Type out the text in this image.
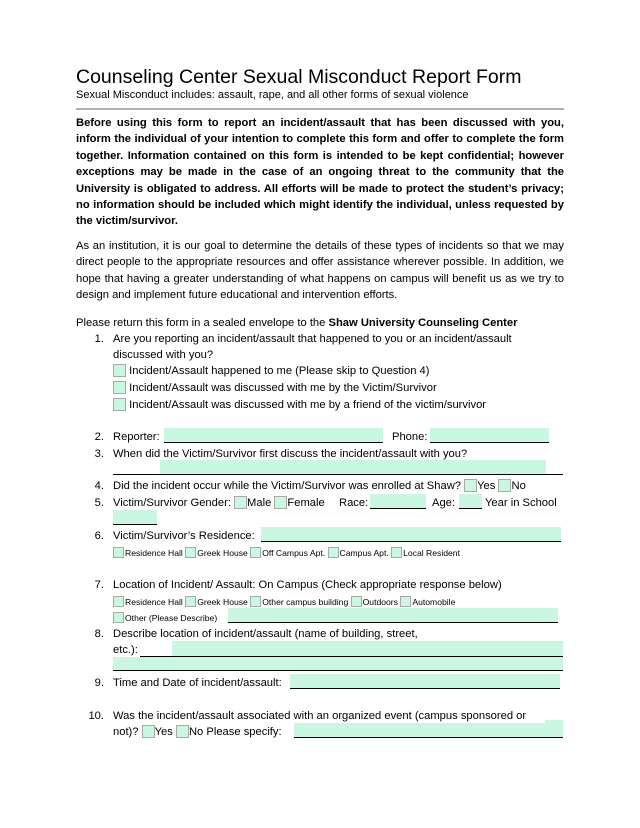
Counseling Center Sexual Misconduct Report Form
Sexual Misconduct includes: assault, rape, and all other forms of sexual violence
Before using this form to report an incident/assault that has been discussed with you, inform the individual of your intention to complete this form and offer to complete the form together. Information contained on this form is intended to be kept confidential; however exceptions may be made in the case of an ongoing threat to the community that the University is obligated to address. All efforts will be made to protect the student’s privacy; no information should be included which might identify the individual, unless requested by the victim/survivor.
As an institution, it is our goal to determine the details of these types of incidents so that we may direct people to the appropriate resources and offer assistance wherever possible. In addition, we hope that having a greater understanding of what happens on campus will benefit us as we try to design and implement future educational and intervention efforts.
Please return this form in a sealed envelope to the Shaw University Counseling Center
1. Are you reporting an incident/assault that happened to you or an incident/assault
discussed with you?
Incident/Assault happened to me (Please skip to Question 4)
Incident/Assault was discussed with me by the Victim/Survivor
Incident/Assault was discussed with me by a friend of the victim/survivor
2. Reporter:	Phone:
3. When did the Victim/Survivor first discuss the incident/assault with you?
4. Did the incident occur while the Victim/Survivor was enrolled at Shaw? Yes No
5. Victim/Survivor Gender: Male Female Race:	Age:	Year in School
6. Victim/Survivor’s Residence:
Residence Hall Greek House Off Campus Apt. Campus Apt. Local Resident
7. Location of Incident/ Assault: On Campus (Check appropriate response below)
Residence Hall Greek House Other campus building Outdoors Automobile
Other (Please Describe)
8. Describe location of incident/assault (name of building, street,
etc.):
9. Time and Date of incident/assault:
10. Was the incident/assault associated with an organized event (campus sponsored or
not)? Yes No Please specify:
